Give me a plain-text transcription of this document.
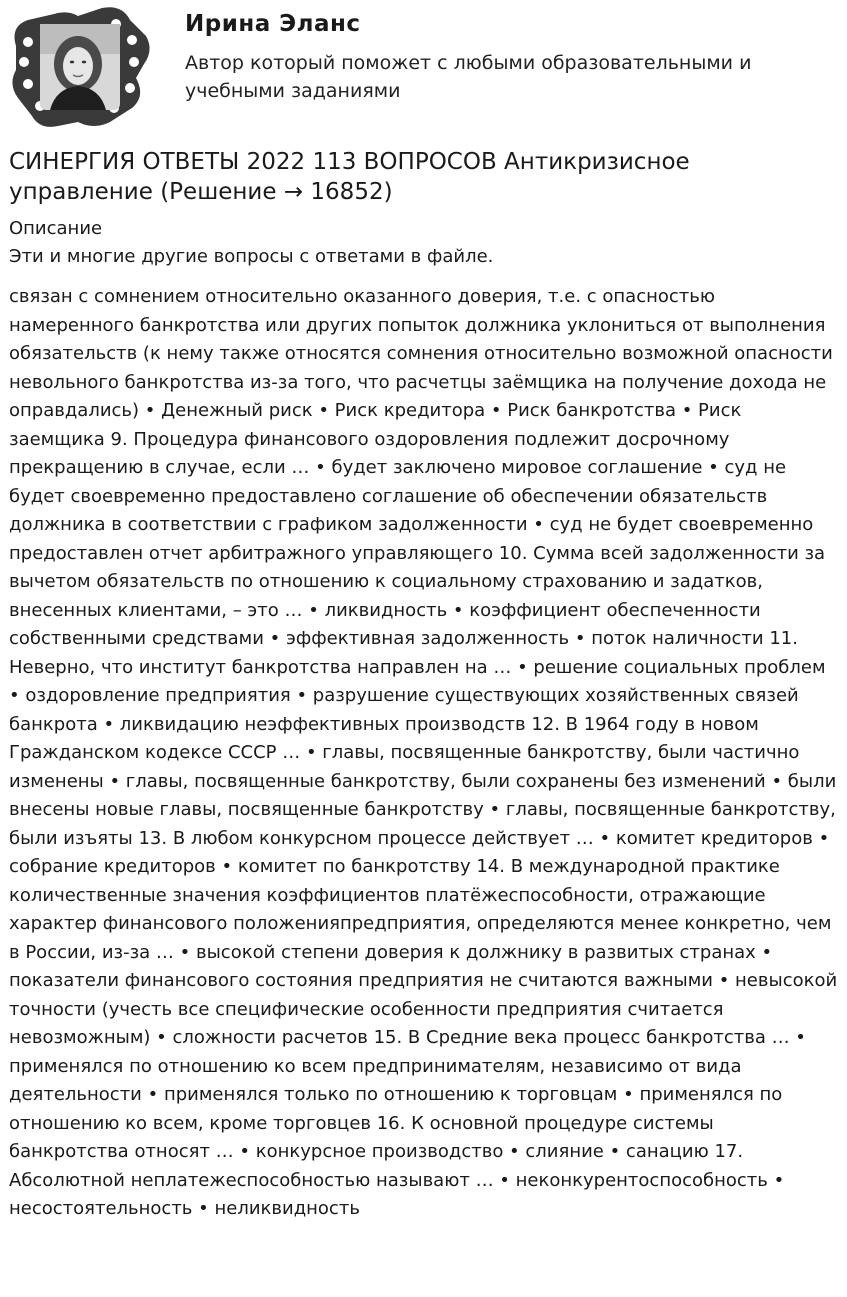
Ирина Эланс
Автор который поможет с любыми образовательными и учебными заданиями
СИНЕРГИЯ ОТВЕТЫ 2022 113 ВОПРОСОВ Антикризисное управление (Решение → 16852)
Описание
Эти и многие другие вопросы с ответами в файле.
связан с сомнением относительно оказанного доверия, т.е. с опасностью намеренного банкротства или других попыток должника уклониться от выполнения обязательств (к нему также относятся сомнения относительно возможной опасности невольного банкротства из-за того, что расчетцы заёмщика на получение дохода не оправдались) • Денежный риск • Риск кредитора • Риск банкротства • Риск заемщика 9. Процедура финансового оздоровления подлежит досрочному прекращению в случае, если … • будет заключено мировое соглашение • суд не будет своевременно предоставлено соглашение об обеспечении обязательств должника в соответствии с графиком задолженности • суд не будет своевременно предоставлен отчет арбитражного управляющего 10. Сумма всей задолженности за вычетом обязательств по отношению к социальному страхованию и задатков, внесенных клиентами, – это … • ликвидность • коэффициент обеспеченности собственными средствами • эффективная задолженность • поток наличности 11. Неверно, что институт банкротства направлен на … • решение социальных проблем • оздоровление предприятия • разрушение существующих хозяйственных связей банкрота • ликвидацию неэффективных производств 12. В 1964 году в новом Гражданском кодексе СССР … • главы, посвященные банкротству, были частично изменены • главы, посвященные банкротству, были сохранены без изменений • были внесены новые главы, посвященные банкротству • главы, посвященные банкротству, были изъяты 13. В любом конкурсном процессе действует … • комитет кредиторов • собрание кредиторов • комитет по банкротству 14. В международной практике количественные значения коэффициентов платёжеспособности, отражающие характер финансового положенияпредприятия, определяются менее конкретно, чем в России, из-за … • высокой степени доверия к должнику в развитых странах • показатели финансового состояния предприятия не считаются важными • невысокой точности (учесть все специфические особенности предприятия считается невозможным) • сложности расчетов 15. В Средние века процесс банкротства … • применялся по отношению ко всем предпринимателям, независимо от вида деятельности • применялся только по отношению к торговцам • применялся по отношению ко всем, кроме торговцев 16. К основной процедуре системы банкротства относят … • конкурсное производство • слияние • санацию 17. Абсолютной неплатежеспособностью называют … • неконкурентоспособность • несостоятельность • неликвидность
